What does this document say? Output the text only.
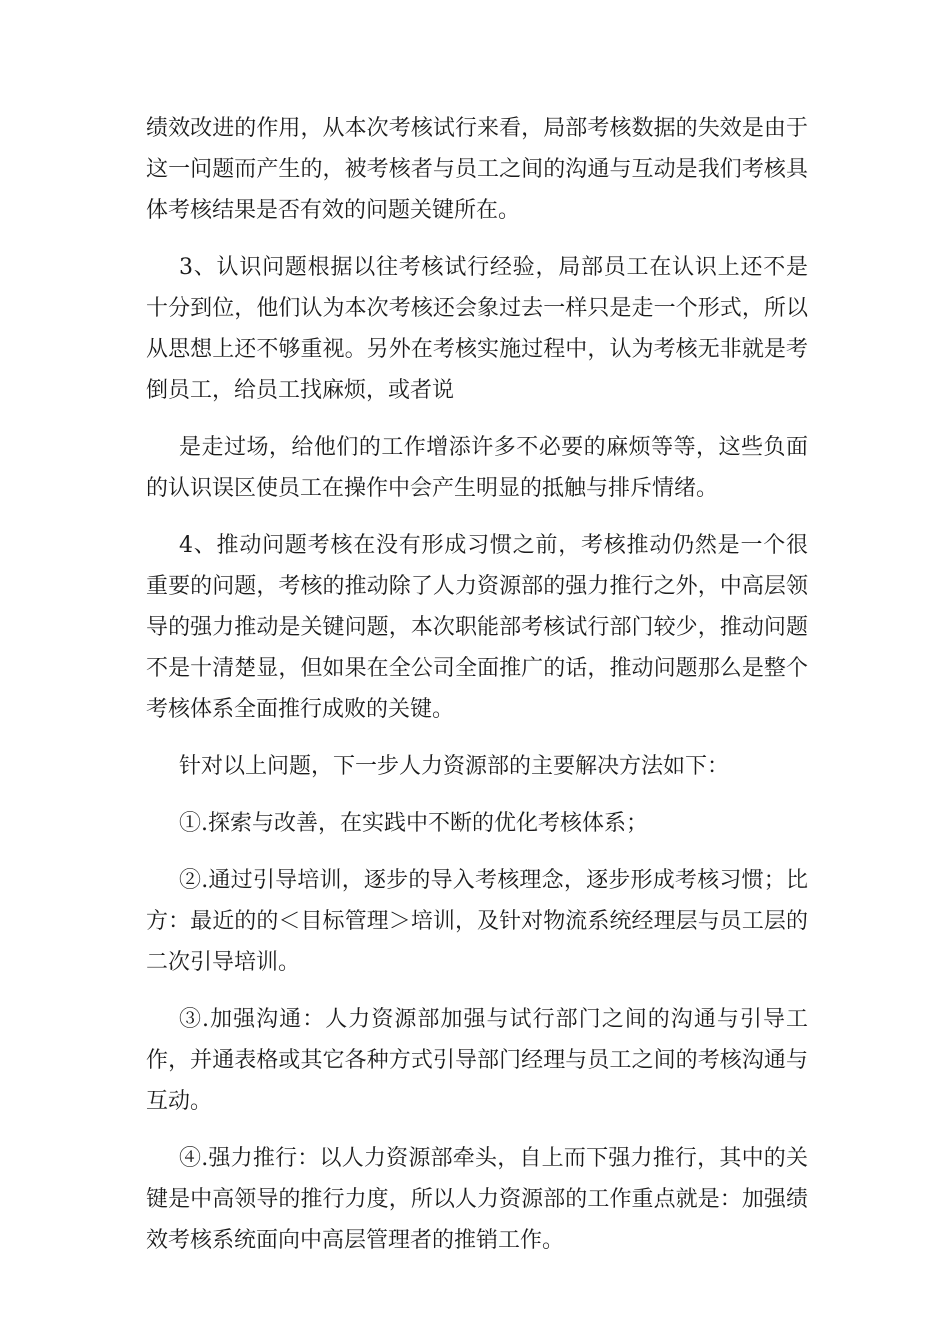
绩效改进的作用，从本次考核试行来看，局部考核数据的失效是由于这一问题而产生的，被考核者与员工之间的沟通与互动是我们考核具体考核结果是否有效的问题关键所在。

3、认识问题根据以往考核试行经验，局部员工在认识上还不是十分到位，他们认为本次考核还会象过去一样只是走一个形式，所以从思想上还不够重视。另外在考核实施过程中，认为考核无非就是考倒员工，给员工找麻烦，或者说

是走过场，给他们的工作增添许多不必要的麻烦等等，这些负面的认识误区使员工在操作中会产生明显的抵触与排斥情绪。

4、推动问题考核在没有形成习惯之前，考核推动仍然是一个很重要的问题，考核的推动除了人力资源部的强力推行之外，中高层领导的强力推动是关键问题，本次职能部考核试行部门较少，推动问题不是十清楚显，但如果在全公司全面推广的话，推动问题那么是整个考核体系全面推行成败的关键。

针对以上问题，下一步人力资源部的主要解决方法如下：

①.探索与改善，在实践中不断的优化考核体系；

②.通过引导培训，逐步的导入考核理念，逐步形成考核习惯；比方：最近的的＜目标管理＞培训，及针对物流系统经理层与员工层的二次引导培训。

③.加强沟通：人力资源部加强与试行部门之间的沟通与引导工作，并通表格或其它各种方式引导部门经理与员工之间的考核沟通与互动。

④.强力推行：以人力资源部牵头，自上而下强力推行，其中的关键是中高领导的推行力度，所以人力资源部的工作重点就是：加强绩效考核系统面向中高层管理者的推销工作。
